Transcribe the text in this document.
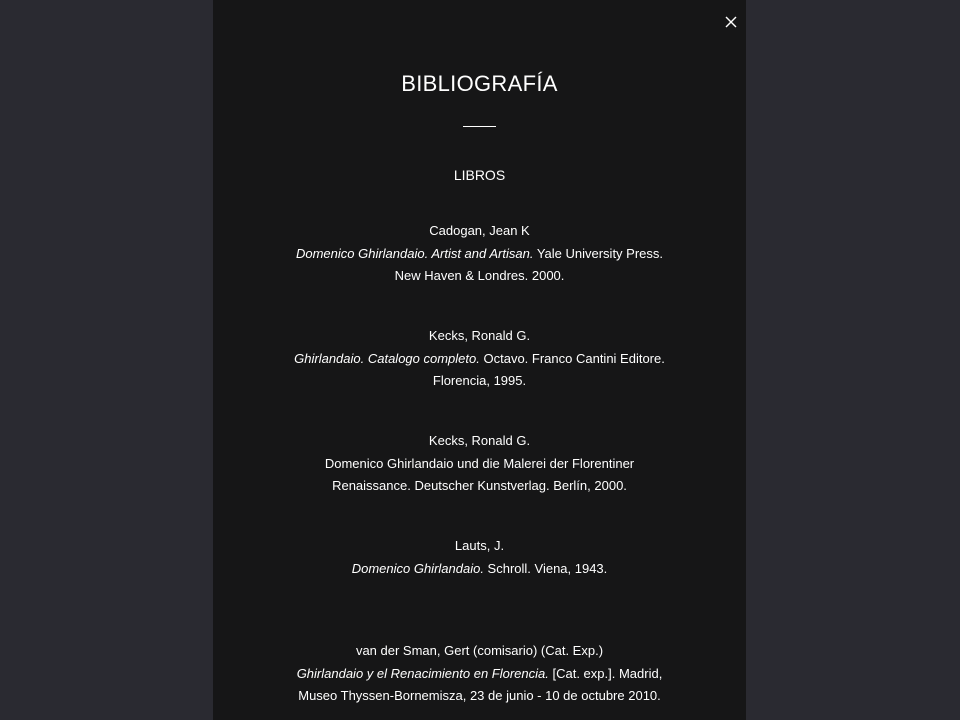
BIBLIOGRAFÍA
LIBROS
Cadogan, Jean K
Domenico Ghirlandaio. Artist and Artisan. Yale University Press.
New Haven & Londres. 2000.
Kecks, Ronald G.
Ghirlandaio. Catalogo completo. Octavo. Franco Cantini Editore.
Florencia, 1995.
Kecks, Ronald G.
Domenico Ghirlandaio und die Malerei der Florentiner
Renaissance. Deutscher Kunstverlag. Berlín, 2000.
Lauts, J.
Domenico Ghirlandaio. Schroll. Viena, 1943.
van der Sman, Gert (comisario) (Cat. Exp.)
Ghirlandaio y el Renacimiento en Florencia. [Cat. exp.]. Madrid,
Museo Thyssen-Bornemisza, 23 de junio - 10 de octubre 2010.
